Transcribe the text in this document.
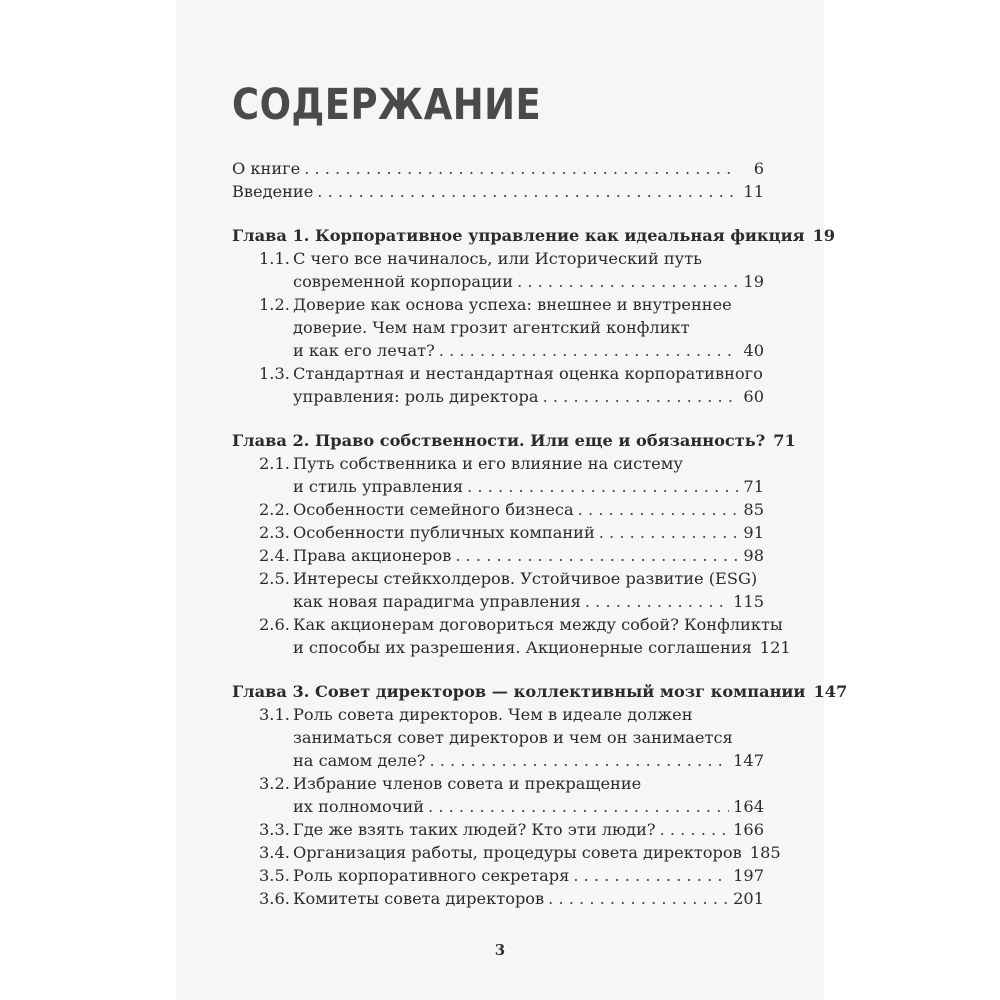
СОДЕРЖАНИЕ
О книге . . .	6
Введение . . .	11
Глава 1. Корпоративное управление как идеальная фикция 19
1.1. С чего все начиналось, или Исторический путь
современной корпорации . . .	19
1.2. Доверие как основа успеха: внешнее и внутреннее
доверие. Чем нам грозит агентский конфликт
и как его лечат? . . .	40
1.3. Стандартная и нестандартная оценка корпоративного
управления: роль директора . . .	60
Глава 2. Право собственности. Или еще и обязанность? 71
2.1. Путь собственника и его влияние на систему
и стиль управления . . .	71
2.2. Особенности семейного бизнеса . . .	85
2.3. Особенности публичных компаний . . .	91
2.4. Права акционеров . . .	98
2.5. Интересы стейкхолдеров. Устойчивое развитие (ESG)
как новая парадигма управления . . .	115
2.6. Как акционерам договориться между собой? Конфликты
и способы их разрешения. Акционерные соглашения 121
Глава 3. Совет директоров — коллективный мозг компании 147
3.1. Роль совета директоров. Чем в идеале должен
заниматься совет директоров и чем он занимается
на самом деле? . . .	147
3.2. Избрание членов совета и прекращение
их полномочий . . .	164
3.3. Где же взять таких людей? Кто эти люди? . . .	166
3.4. Организация работы, процедуры совета директоров 185
3.5. Роль корпоративного секретаря . . .	197
3.6. Комитеты совета директоров . . .	201
3
